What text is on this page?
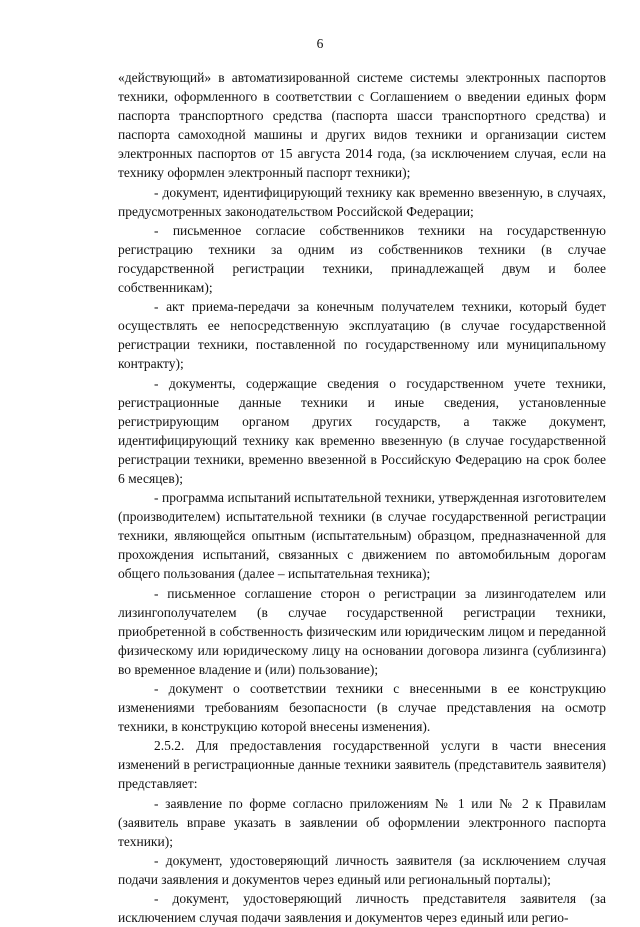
6

«действующий» в автоматизированной системе системы электронных паспортов техники, оформленного в соответствии с Соглашением о введении единых форм паспорта транспортного средства (паспорта шасси транспортного средства) и паспорта самоходной машины и других видов техники и организации систем электронных паспортов от 15 августа 2014 года, (за исключением случая, если на технику оформлен электронный паспорт техники);

- документ, идентифицирующий технику как временно ввезенную, в случаях, предусмотренных законодательством Российской Федерации;

- письменное согласие собственников техники на государственную регистрацию техники за одним из собственников техники (в случае государственной регистрации техники, принадлежащей двум и более собственникам);

- акт приема-передачи за конечным получателем техники, который будет осуществлять ее непосредственную эксплуатацию (в случае государственной регистрации техники, поставленной по государственному или муниципальному контракту);

- документы, содержащие сведения о государственном учете техники, регистрационные данные техники и иные сведения, установленные регистрирующим органом других государств, а также документ, идентифицирующий технику как временно ввезенную (в случае государственной регистрации техники, временно ввезенной в Российскую Федерацию на срок более 6 месяцев);

- программа испытаний испытательной техники, утвержденная изготовителем (производителем) испытательной техники (в случае государственной регистрации техники, являющейся опытным (испытательным) образцом, предназначенной для прохождения испытаний, связанных с движением по автомобильным дорогам общего пользования (далее – испытательная техника);

- письменное соглашение сторон о регистрации за лизингодателем или лизингополучателем (в случае государственной регистрации техники, приобретенной в собственность физическим или юридическим лицом и переданной физическому или юридическому лицу на основании договора лизинга (сублизинга) во временное владение и (или) пользование);

- документ о соответствии техники с внесенными в ее конструкцию изменениями требованиям безопасности (в случае представления на осмотр техники, в конструкцию которой внесены изменения).

2.5.2. Для предоставления государственной услуги в части внесения изменений в регистрационные данные техники заявитель (представитель заявителя) представляет:

- заявление по форме согласно приложениям № 1 или № 2 к Правилам (заявитель вправе указать в заявлении об оформлении электронного паспорта техники);

- документ, удостоверяющий личность заявителя (за исключением случая подачи заявления и документов через единый или региональный порталы);

- документ, удостоверяющий личность представителя заявителя (за исключением случая подачи заявления и документов через единый или регио-
